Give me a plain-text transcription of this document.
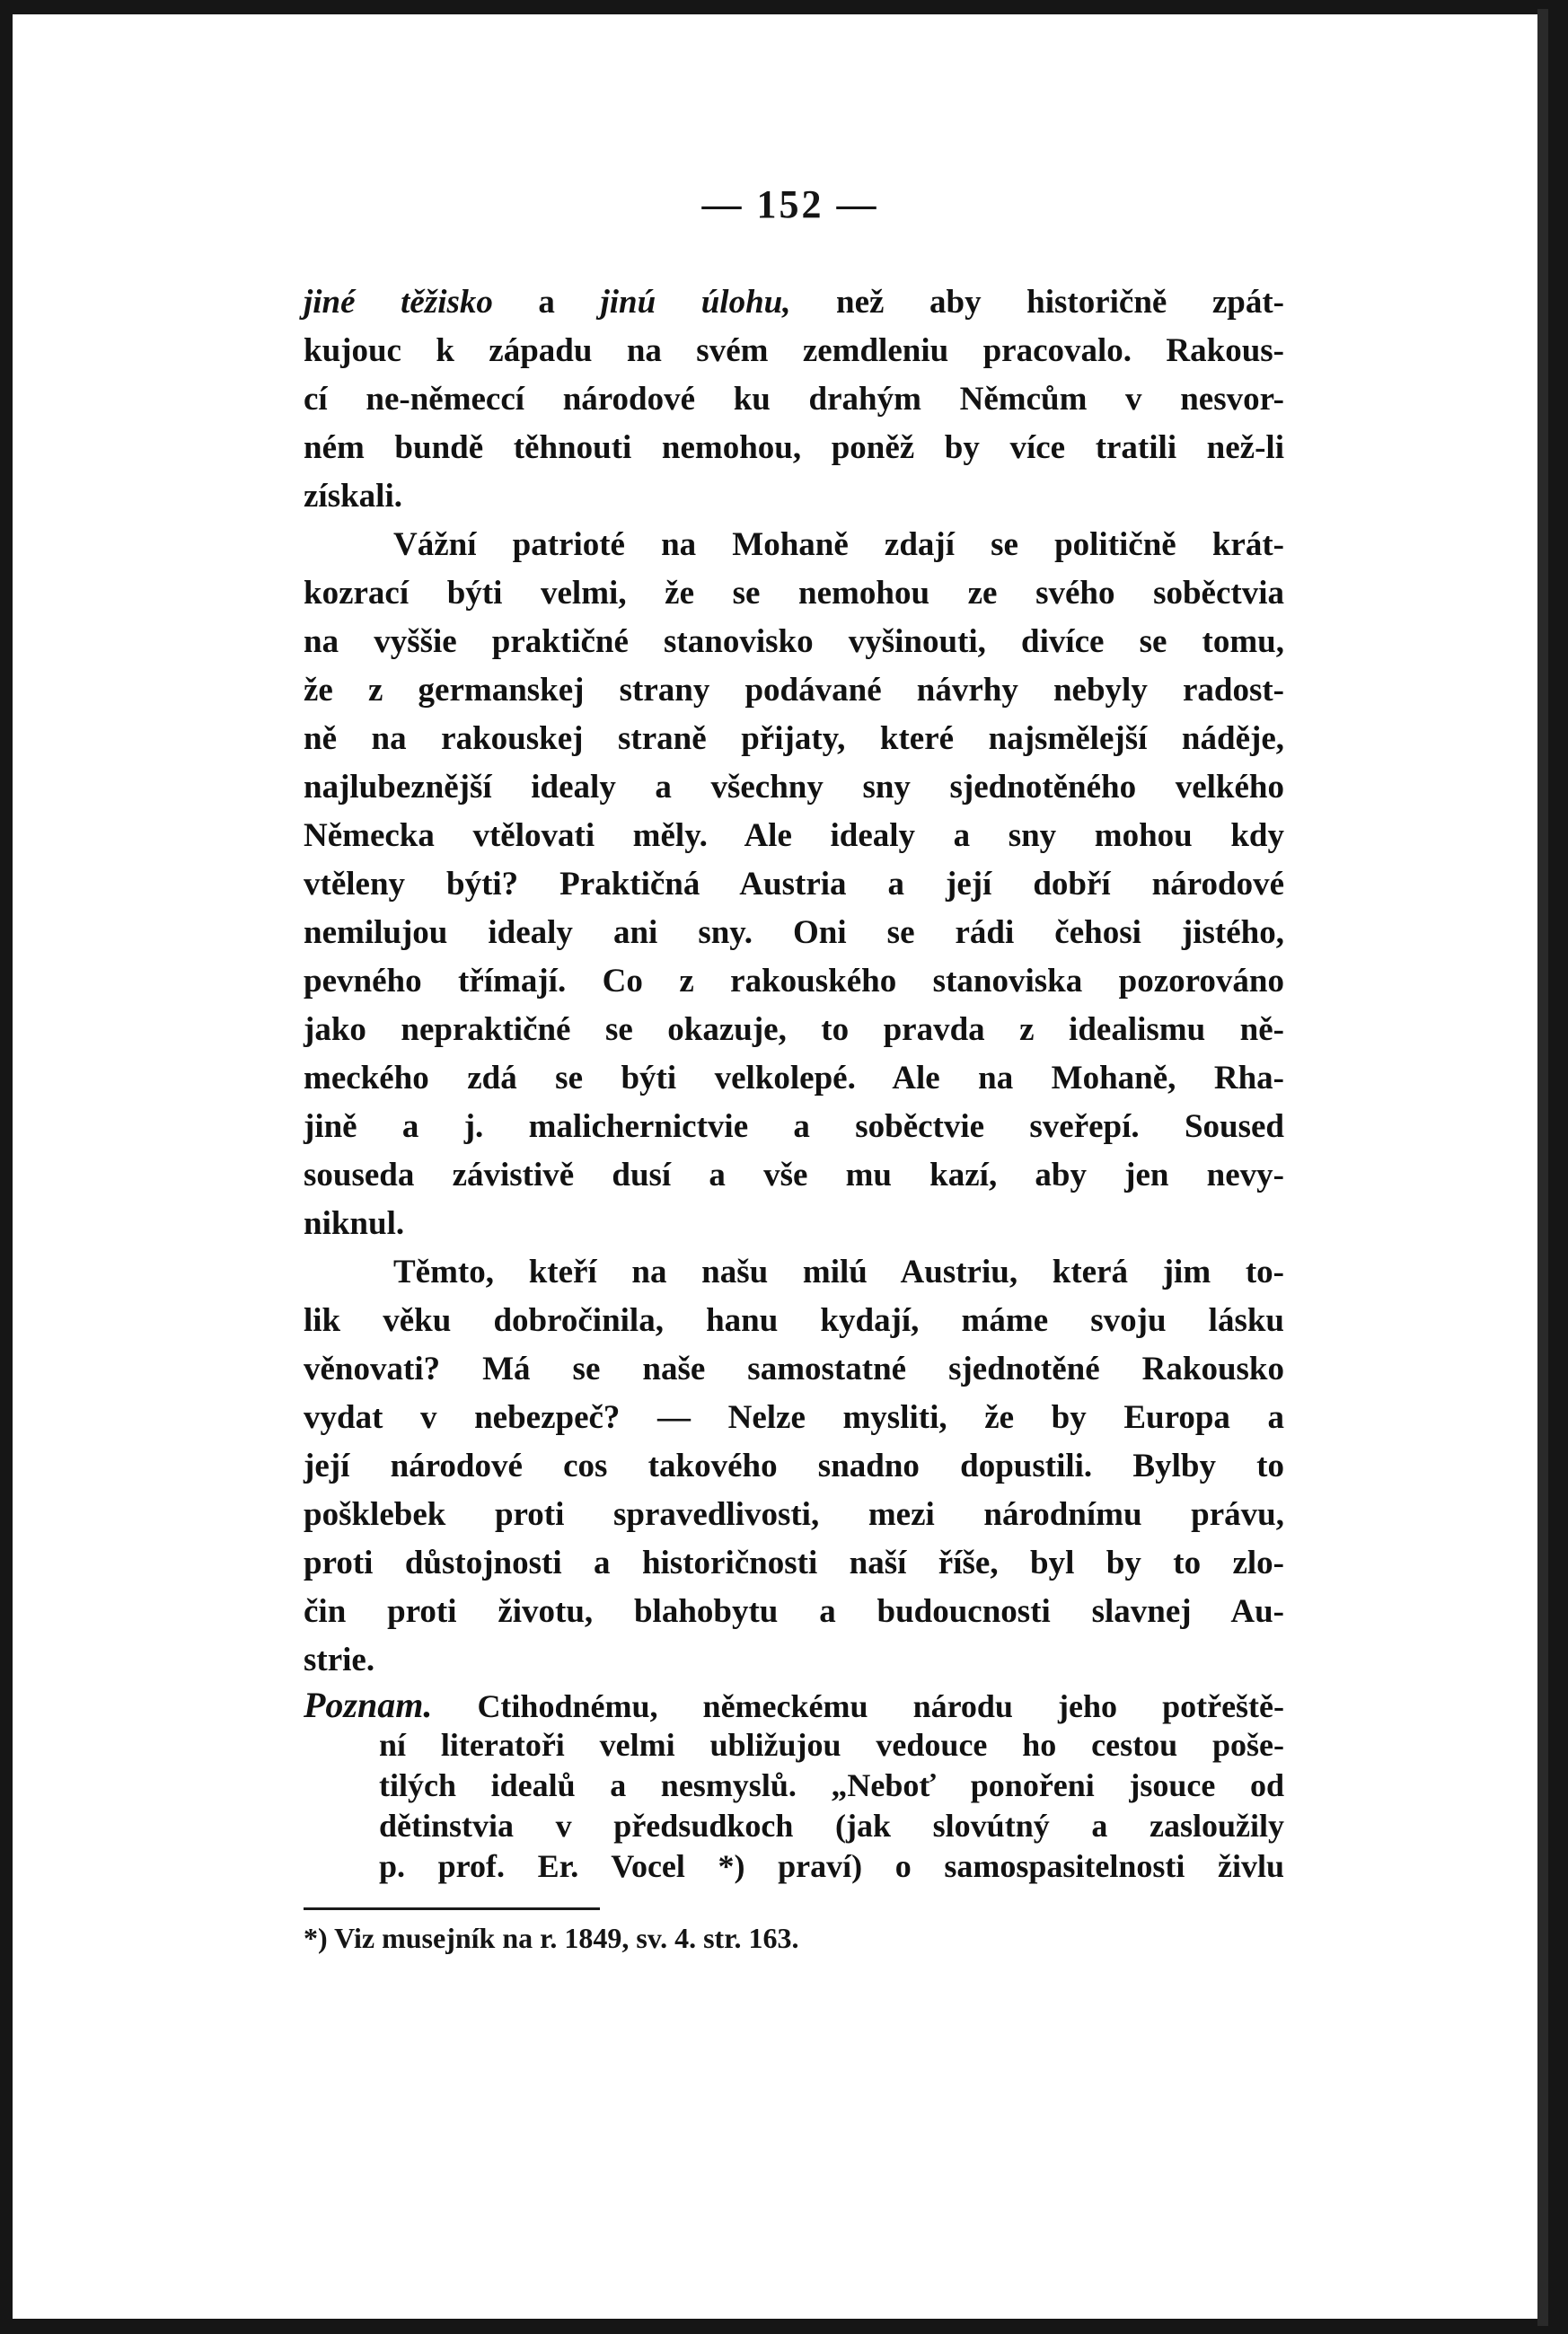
— 152 —
jiné těžisko a jinú úlohu, než aby historičně zpát-
kujouc k západu na svém zemdleniu pracovalo. Rakous-
cí ne-němeccí národové ku drahým Němcům v nesvor-
ném bundě těhnouti nemohou, poněž by více tratili než-li
získali.
Vážní patrioté na Mohaně zdají se političně krát-
kozrací býti velmi, že se nemohou ze svého soběctvia
na vyššie praktičné stanovisko vyšinouti, divíce se tomu,
že z germanskej strany podávané návrhy nebyly radost-
ně na rakouskej straně přijaty, které najsmělejší náděje,
najlubeznější idealy a všechny sny sjednotěného velkého
Německa vtělovati měly. Ale idealy a sny mohou kdy
vtěleny býti? Praktičná Austria a její dobří národové
nemilujou idealy ani sny. Oni se rádi čehosi jistého,
pevného třímají. Co z rakouského stanoviska pozorováno
jako nepraktičné se okazuje, to pravda z idealismu ně-
meckého zdá se býti velkolepé. Ale na Mohaně, Rha-
jině a j. malichernictvie a soběctvie sveřepí. Soused
souseda závistivě dusí a vše mu kazí, aby jen nevy-
niknul.
Těmto, kteří na našu milú Austriu, která jim to-
lik věku dobročinila, hanu kydají, máme svoju lásku
věnovati? Má se naše samostatné sjednotěné Rakousko
vydat v nebezpeč? — Nelze mysliti, že by Europa a
její národové cos takového snadno dopustili. Bylby to
pošklebek proti spravedlivosti, mezi národnímu právu,
proti důstojnosti a historičnosti naší říše, byl by to zlo-
čin proti životu, blahobytu a budoucnosti slavnej Au-
strie.
Poznam. Ctihodnému, německému národu jeho potřeště-
ní literatoři velmi ubližujou vedouce ho cestou poše-
tilých idealů a nesmyslů. „Neboť ponořeni jsouce od
dětinstvia v předsudkoch (jak slovútný a zasloužily
p. prof. Er. Vocel *) praví) o samospasitelnosti živlu
*) Viz musejník na r. 1849, sv. 4. str. 163.
